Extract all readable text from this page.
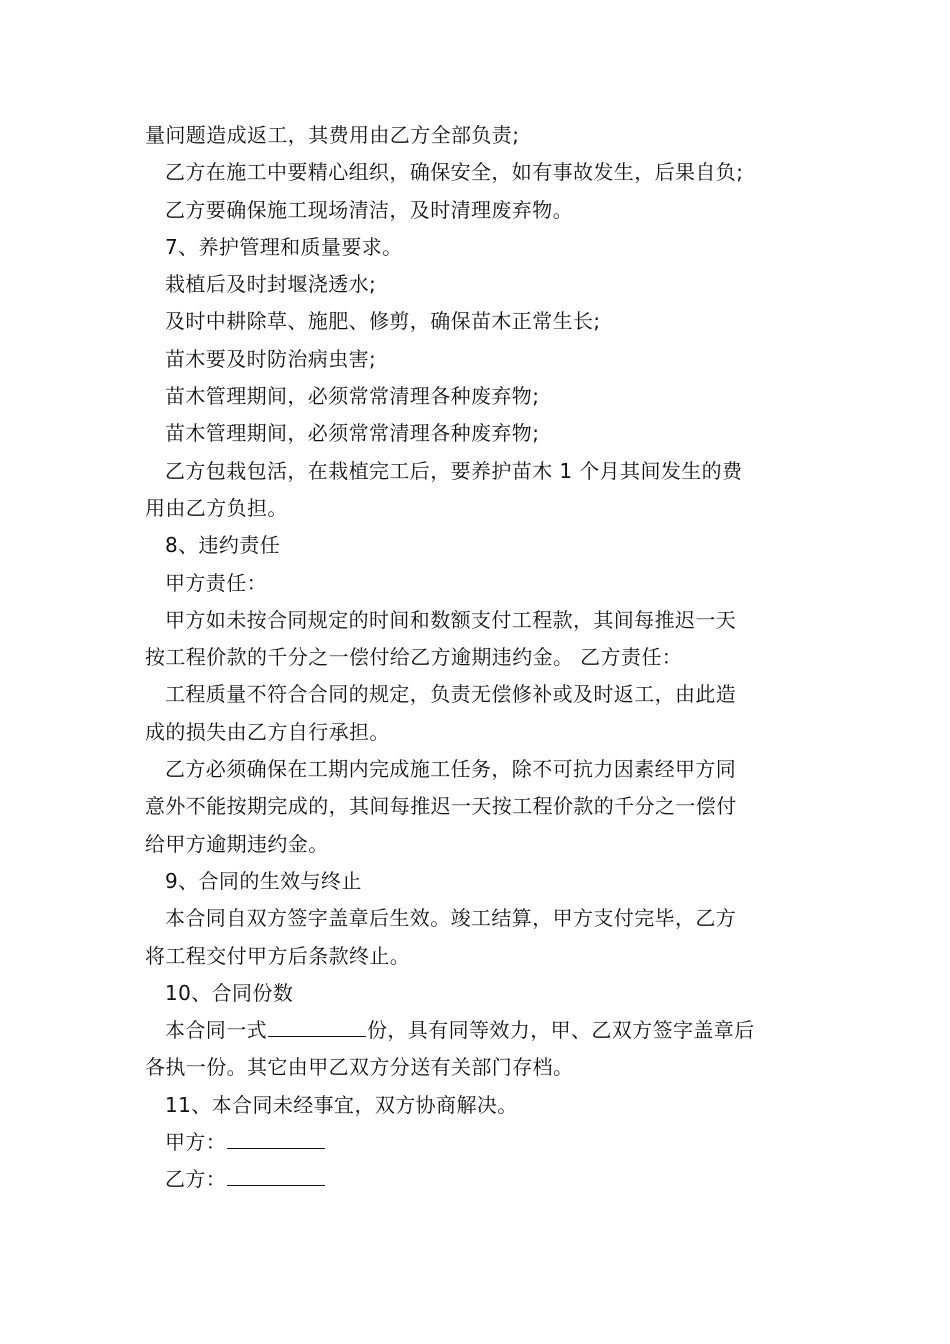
量问题造成返工，其费用由乙方全部负责;
乙方在施工中要精心组织，确保安全，如有事故发生，后果自负;
乙方要确保施工现场清洁，及时清理废弃物。
7、养护管理和质量要求。
栽植后及时封堰浇透水;
及时中耕除草、施肥、修剪，确保苗木正常生长;
苗木要及时防治病虫害;
苗木管理期间，必须常常清理各种废弃物;
苗木管理期间，必须常常清理各种废弃物;
乙方包栽包活，在栽植完工后，要养护苗木 1 个月其间发生的费
用由乙方负担。
8、违约责任
甲方责任：
甲方如未按合同规定的时间和数额支付工程款，其间每推迟一天
按工程价款的千分之一偿付给乙方逾期违约金。 乙方责任：
工程质量不符合合同的规定，负责无偿修补或及时返工，由此造
成的损失由乙方自行承担。
乙方必须确保在工期内完成施工任务，除不可抗力因素经甲方同
意外不能按期完成的，其间每推迟一天按工程价款的千分之一偿付
给甲方逾期违约金。
9、合同的生效与终止
本合同自双方签字盖章后生效。竣工结算，甲方支付完毕，乙方
将工程交付甲方后条款终止。
10、合同份数
本合同一式	份，具有同等效力，甲、乙双方签字盖章后
各执一份。其它由甲乙双方分送有关部门存档。
11、本合同未经事宜，双方协商解决。
甲方：
乙方：
